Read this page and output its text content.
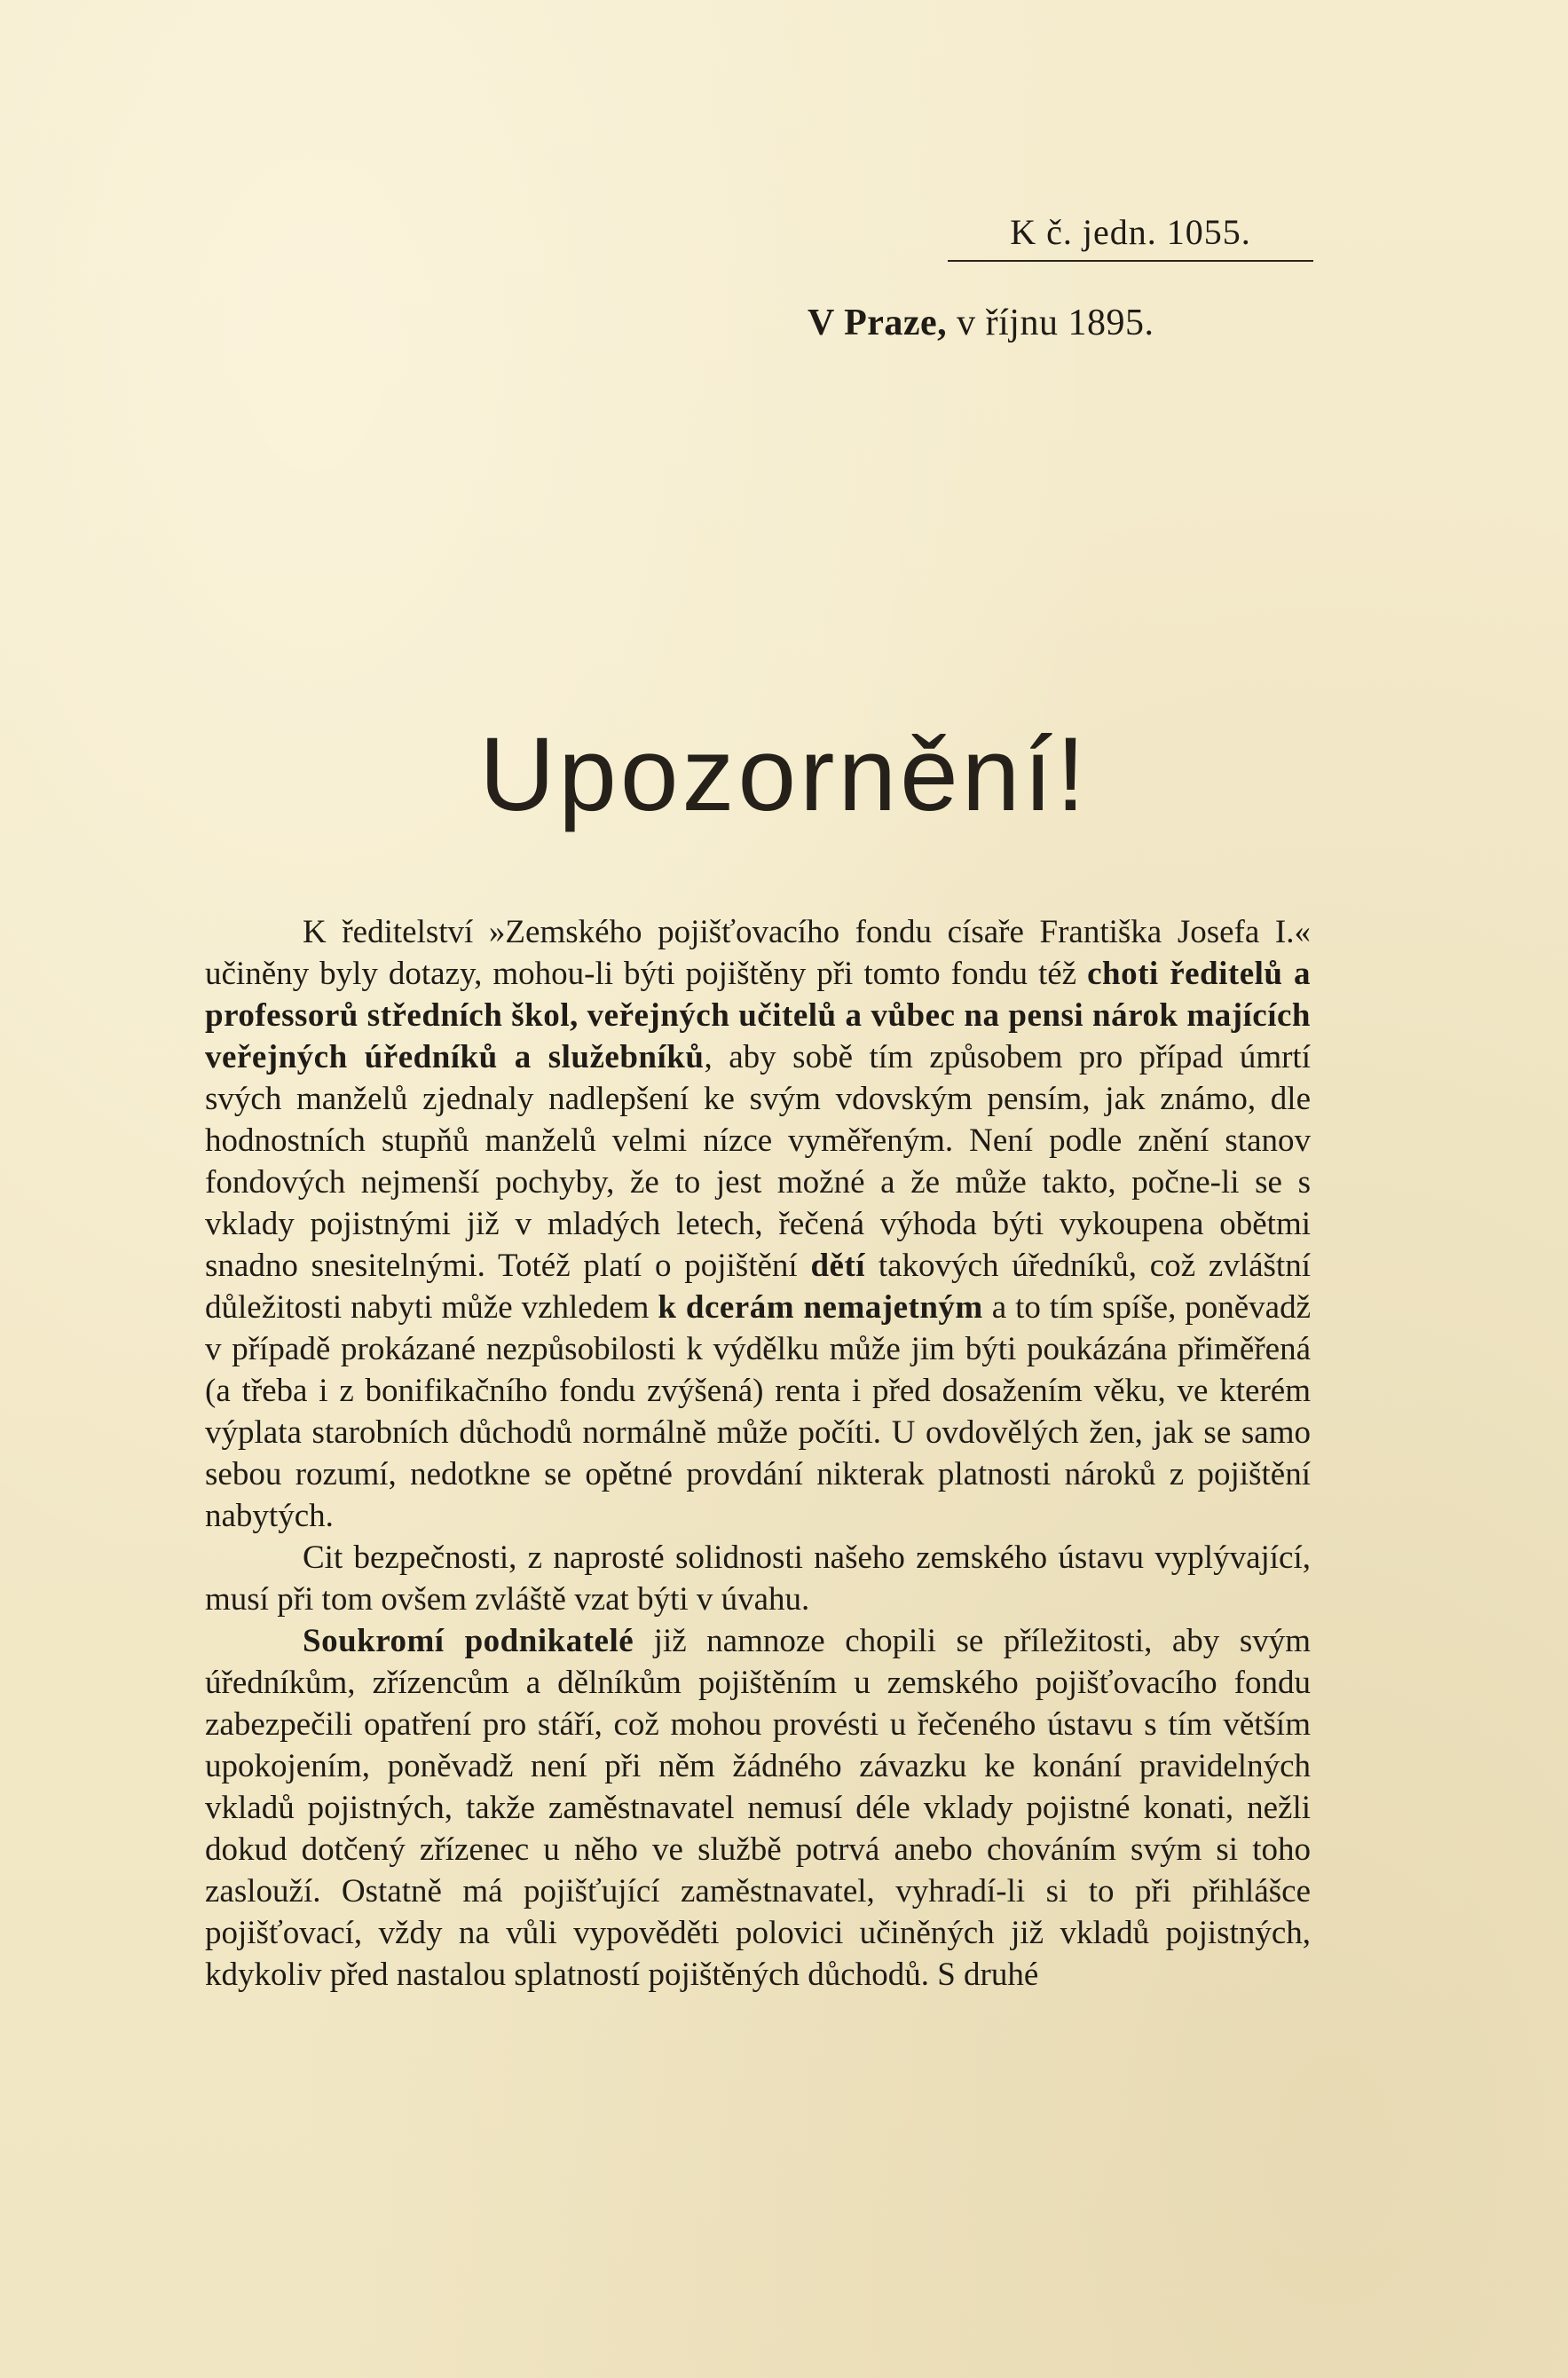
K č. jedn. 1055.
V Praze, v říjnu 1895.
Upozornění!

K ředitelství »Zemského pojišťovacího fondu císaře Františka Josefa I.« učiněny byly dotazy, mohou-li býti pojištěny při tomto fondu též choti ředitelů a professorů středních škol, veřejných učitelů a vůbec na pensi nárok majících veřejných úředníků a služebníků, aby sobě tím způsobem pro případ úmrtí svých manželů zjednaly nadlepšení ke svým vdovským pensím, jak známo, dle hodnostních stupňů manželů velmi nízce vyměřeným. Není podle znění stanov fondových nejmenší pochyby, že to jest možné a že může takto, počne-li se s vklady pojistnými již v mladých letech, řečená výhoda býti vykoupena obětmi snadno snesitelnými. Totéž platí o pojištění dětí takových úředníků, což zvláštní důležitosti nabyti může vzhledem k dcerám nemajetným a to tím spíše, poněvadž v případě prokázané nezpůsobilosti k výdělku může jim býti poukázána přiměřená (a třeba i z bonifikačního fondu zvýšená) renta i před dosažením věku, ve kterém výplata starobních důchodů normálně může počíti. U ovdovělých žen, jak se samo sebou rozumí, nedotkne se opětné provdání nikterak platnosti nároků z pojištění nabytých.

Cit bezpečnosti, z naprosté solidnosti našeho zemského ústavu vyplývající, musí při tom ovšem zvláště vzat býti v úvahu.

Soukromí podnikatelé již namnoze chopili se příležitosti, aby svým úředníkům, zřízencům a dělníkům pojištěním u zemského pojišťovacího fondu zabezpečili opatření pro stáří, což mohou provésti u řečeného ústavu s tím větším upokojením, poněvadž není při něm žádného závazku ke konání pravidelných vkladů pojistných, takže zaměstnavatel nemusí déle vklady pojistné konati, nežli dokud dotčený zřízenec u něho ve službě potrvá anebo chováním svým si toho zaslouží. Ostatně má pojišťující zaměstnavatel, vyhradí-li si to při přihlášce pojišťovací, vždy na vůli vypověděti polovici učiněných již vkladů pojistných, kdykoliv před nastalou splatností pojištěných důchodů. S druhé
